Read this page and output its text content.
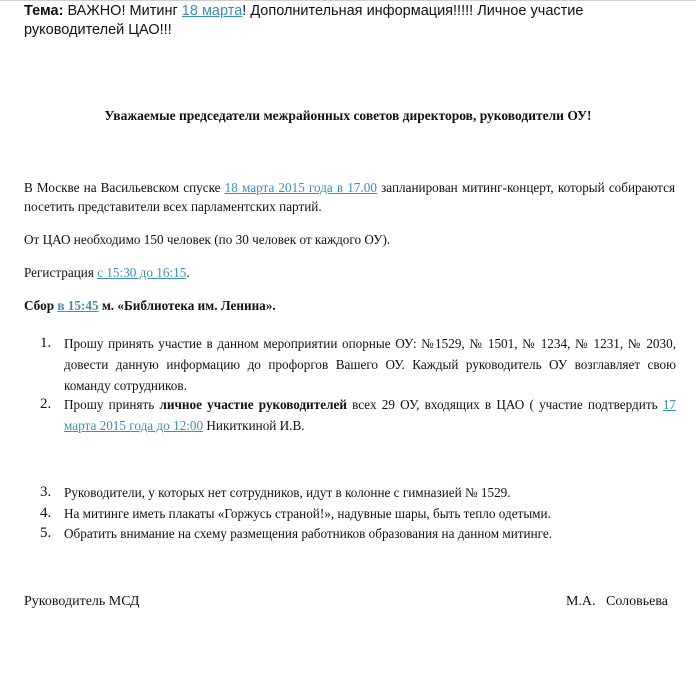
Тема: ВАЖНО! Митинг 18 марта! Дополнительная информация!!!!! Личное участие руководителей ЦАО!!!
Уважаемые председатели межрайонных советов директоров, руководители ОУ!
В Москве на Васильевском спуске 18 марта 2015 года в 17.00 запланирован митинг-концерт, который собираются посетить представители всех парламентских партий.
От ЦАО необходимо 150 человек (по 30 человек от каждого ОУ).
Регистрация с 15:30 до 16:15.
Сбор в 15:45 м. «Библиотека им. Ленина».
1. Прошу принять участие в данном мероприятии опорные ОУ: №1529, № 1501, № 1234, № 1231, № 2030, довести данную информацию до профоргов Вашего ОУ. Каждый руководитель ОУ возглавляет свою команду сотрудников.
2. Прошу принять личное участие руководителей всех 29 ОУ, входящих в ЦАО ( участие подтвердить 17 марта 2015 года до 12:00 Никиткиной И.В.
3. Руководители, у которых нет сотрудников, идут в колонне с гимназией № 1529.
4. На митинге иметь плакаты «Горжусь страной!», надувные шары, быть тепло одетыми.
5. Обратить внимание на схему размещения работников образования на данном митинге.
Руководитель МСД	М.А.   Соловьева
